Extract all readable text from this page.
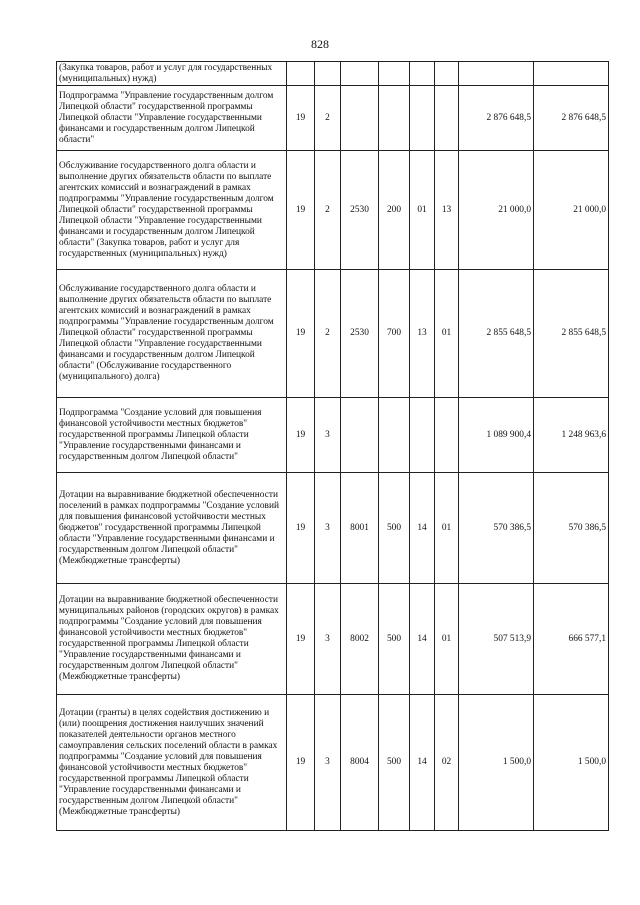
828
(Закупка товаров, работ и услуг для государственных (муниципальных) нужд)								
Подпрограмма "Управление государственным долгом Липецкой области" государственной программы Липецкой области "Управление государственными финансами и государственным долгом Липецкой области"	19	2					2 876 648,5	2 876 648,5
Обслуживание государственного долга области и выполнение других обязательств области по выплате агентских комиссий и вознаграждений в рамках подпрограммы "Управление государственным долгом Липецкой области" государственной программы Липецкой области "Управление государственными финансами и государственным долгом Липецкой области" (Закупка товаров, работ и услуг для государственных (муниципальных) нужд)	19	2	2530	200	01	13	21 000,0	21 000,0
Обслуживание государственного долга области и выполнение других обязательств области по выплате агентских комиссий и вознаграждений в рамках подпрограммы "Управление государственным долгом Липецкой области" государственной программы Липецкой области "Управление государственными финансами и государственным долгом Липецкой области" (Обслуживание государственного (муниципального) долга)	19	2	2530	700	13	01	2 855 648,5	2 855 648,5
Подпрограмма "Создание условий для повышения финансовой устойчивости местных бюджетов" государственной программы Липецкой области "Управление государственными финансами и государственным долгом Липецкой области"	19	3					1 089 900,4	1 248 963,6
Дотации на выравнивание бюджетной обеспеченности поселений в рамках подпрограммы "Создание условий для повышения финансовой устойчивости местных бюджетов" государственной программы Липецкой области "Управление государственными финансами и государственным долгом Липецкой области" (Межбюджетные трансферты)	19	3	8001	500	14	01	570 386,5	570 386,5
Дотации на выравнивание бюджетной обеспеченности муниципальных районов (городских округов) в рамках подпрограммы "Создание условий для повышения финансовой устойчивости местных бюджетов" государственной программы Липецкой области "Управление государственными финансами и государственным долгом Липецкой области" (Межбюджетные трансферты)	19	3	8002	500	14	01	507 513,9	666 577,1
Дотации (гранты) в целях содействия достижению и (или) поощрения достижения наилучших значений показателей деятельности органов местного самоуправления сельских поселений области в рамках подпрограммы "Создание условий для повышения финансовой устойчивости местных бюджетов" государственной программы Липецкой области "Управление государственными финансами и государственным долгом Липецкой области" (Межбюджетные трансферты)	19	3	8004	500	14	02	1 500,0	1 500,0
